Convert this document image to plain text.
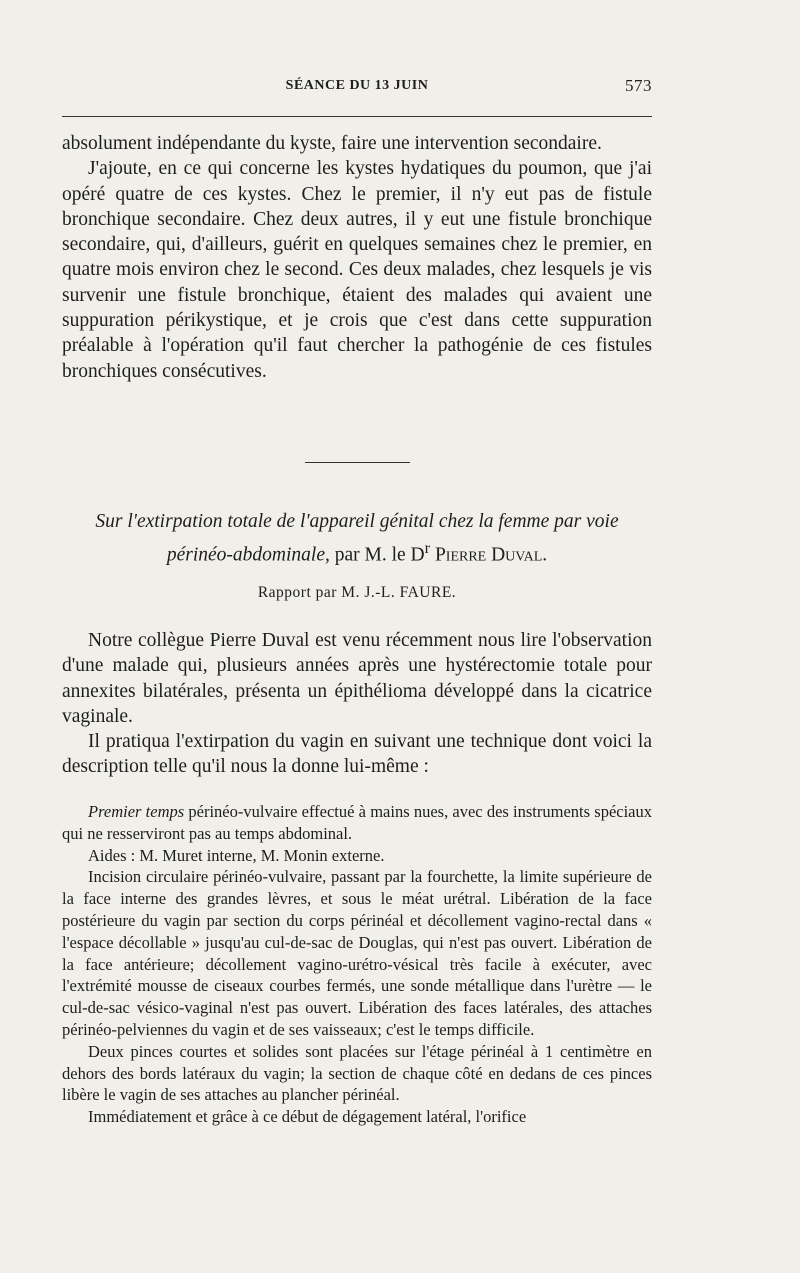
SÉANCE DU 13 JUIN	573

absolument indépendante du kyste, faire une intervention secondaire.

J'ajoute, en ce qui concerne les kystes hydatiques du poumon, que j'ai opéré quatre de ces kystes. Chez le premier, il n'y eut pas de fistule bronchique secondaire. Chez deux autres, il y eut une fistule bronchique secondaire, qui, d'ailleurs, guérit en quelques semaines chez le premier, en quatre mois environ chez le second. Ces deux malades, chez lesquels je vis survenir une fistule bronchique, étaient des malades qui avaient une suppuration périkystique, et je crois que c'est dans cette suppuration préalable à l'opération qu'il faut chercher la pathogénie de ces fistules bronchiques consécutives.

Sur l'extirpation totale de l'appareil génital chez la femme par voie périnéo-abdominale, par M. le $D^r$ Pierre Duval.
Rapport par M. J.-L. FAURE.

Notre collègue Pierre Duval est venu récemment nous lire l'observation d'une malade qui, plusieurs années après une hystérectomie totale pour annexites bilatérales, présenta un épithélioma développé dans la cicatrice vaginale.

Il pratiqua l'extirpation du vagin en suivant une technique dont voici la description telle qu'il nous la donne lui-même :

Premier temps périnéo-vulvaire effectué à mains nues, avec des instruments spéciaux qui ne resserviront pas au temps abdominal.

Aides : M. Muret interne, M. Monin externe.

Incision circulaire périnéo-vulvaire, passant par la fourchette, la limite supérieure de la face interne des grandes lèvres, et sous le méat urétral. Libération de la face postérieure du vagin par section du corps périnéal et décollement vagino-rectal dans « l'espace décollable » jusqu'au cul-de-sac de Douglas, qui n'est pas ouvert. Libération de la face antérieure; décollement vagino-urétro-vésical très facile à exécuter, avec l'extrémité mousse de ciseaux courbes fermés, une sonde métallique dans l'urètre — le cul-de-sac vésico-vaginal n'est pas ouvert. Libération des faces latérales, des attaches périnéo-pelviennes du vagin et de ses vaisseaux; c'est le temps difficile.

Deux pinces courtes et solides sont placées sur l'étage périnéal à 1 centimètre en dehors des bords latéraux du vagin; la section de chaque côté en dedans de ces pinces libère le vagin de ses attaches au plancher périnéal.

Immédiatement et grâce à ce début de dégagement latéral, l'orifice
